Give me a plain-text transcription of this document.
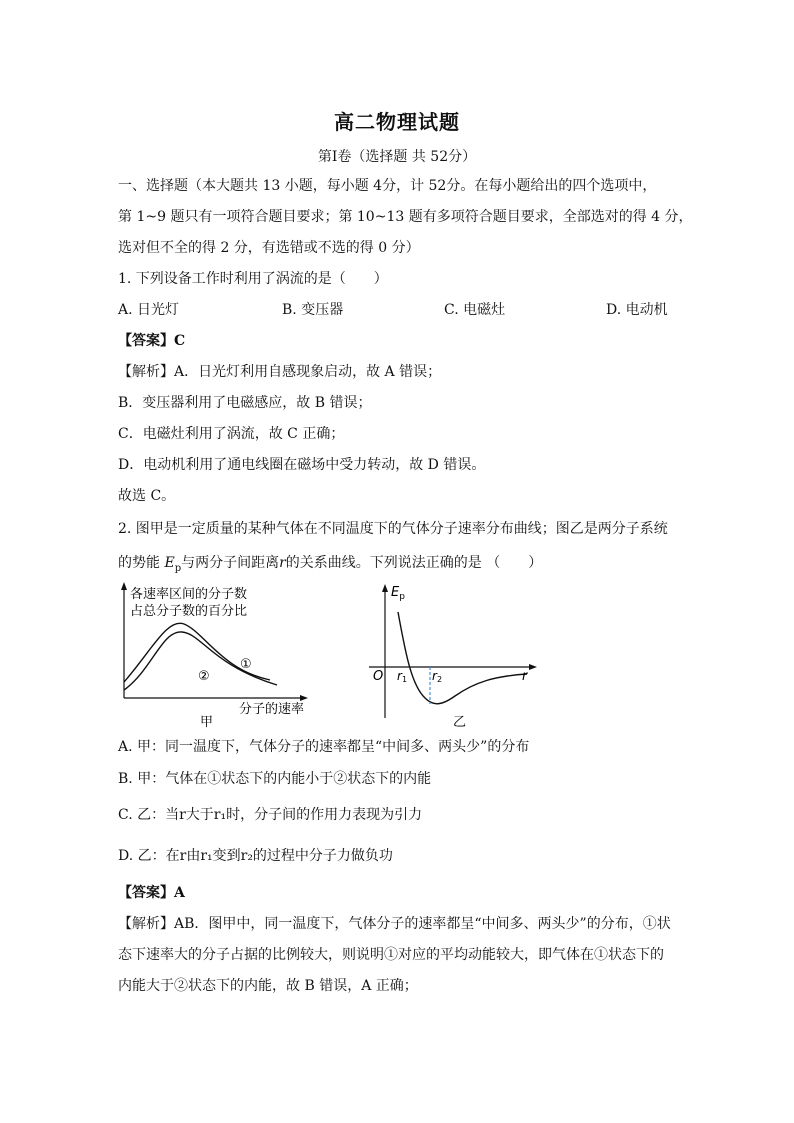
高二物理试题
第I卷（选择题 共 52分）
一、选择题（本大题共 13 小题，每小题 4分，计 52分。在每小题给出的四个选项中，
第 1~9 题只有一项符合题目要求；第 10~13 题有多项符合题目要求，全部选对的得 4 分，
选对但不全的得 2 分，有选错或不选的得 0 分）
1. 下列设备工作时利用了涡流的是（　　）
A. 日光灯	B. 变压器	C. 电磁灶	D. 电动机
【答案】C
【解析】A．日光灯利用自感现象启动，故 A 错误；
B．变压器利用了电磁感应，故 B 错误；
C．电磁灶利用了涡流，故 C 正确；
D．电动机利用了通电线圈在磁场中受力转动，故 D 错误。
故选 C。
2. 图甲是一定质量的某种气体在不同温度下的气体分子速率分布曲线；图乙是两分子系统
的势能 $E_p$与两分子间距离r的关系曲线。下列说法正确的是 （　　）
各速率区间的分子数
占总分子数的百分比
①
②
分子的速率
甲
$E_p$
O r1 r2	r
乙
A. 甲：同一温度下，气体分子的速率都呈“中间多、两头少”的分布
B. 甲：气体在①状态下的内能小于②状态下的内能
C. 乙：当r大于r₁时，分子间的作用力表现为引力
D. 乙：在r由r₁变到r₂的过程中分子力做负功
【答案】A
【解析】AB．图甲中，同一温度下，气体分子的速率都呈“中间多、两头少”的分布，①状
态下速率大的分子占据的比例较大，则说明①对应的平均动能较大，即气体在①状态下的
内能大于②状态下的内能，故 B 错误，A 正确；
